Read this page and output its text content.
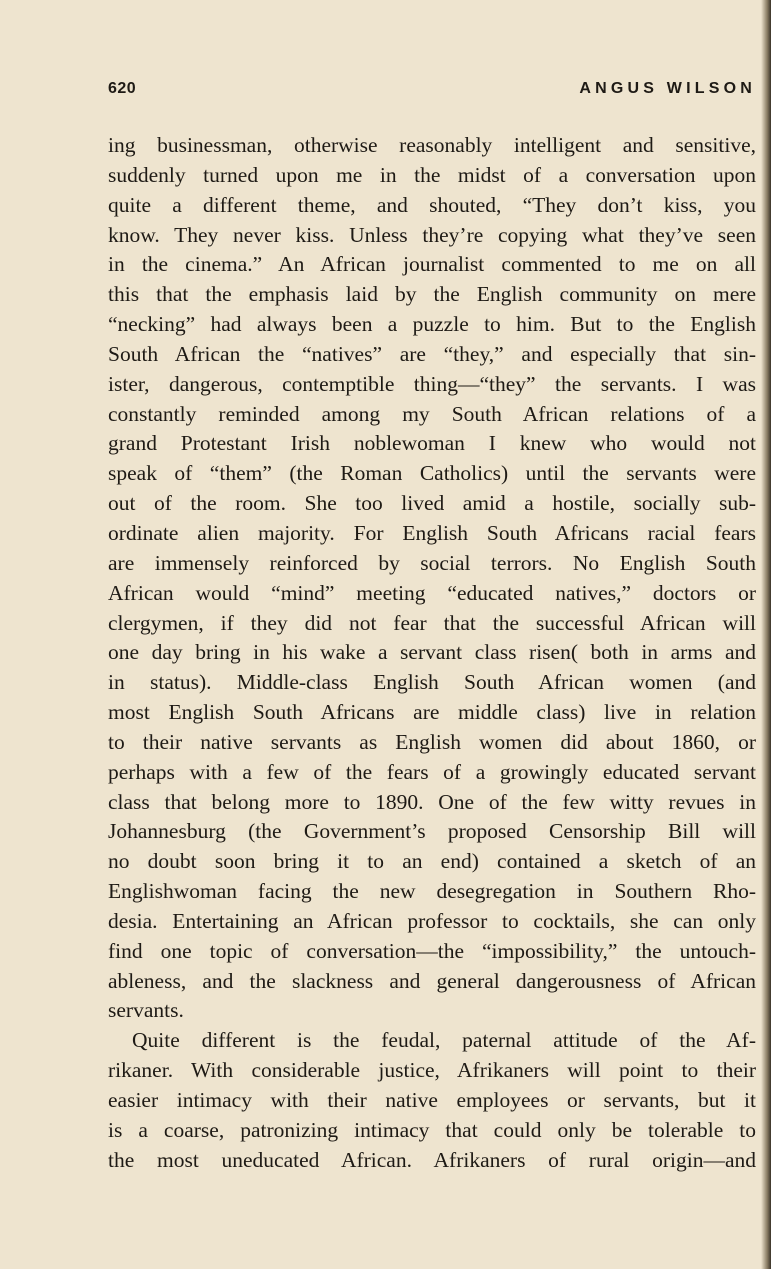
620	ANGUS WILSON
ing businessman, otherwise reasonably intelligent and sensitive,
suddenly turned upon me in the midst of a conversation upon
quite a different theme, and shouted, “They don’t kiss, you
know. They never kiss. Unless they’re copying what they’ve seen
in the cinema.” An African journalist commented to me on all
this that the emphasis laid by the English community on mere
“necking” had always been a puzzle to him. But to the English
South African the “natives” are “they,” and especially that sin-
ister, dangerous, contemptible thing—“they” the servants. I was
constantly reminded among my South African relations of a
grand Protestant Irish noblewoman I knew who would not
speak of “them” (the Roman Catholics) until the servants were
out of the room. She too lived amid a hostile, socially sub-
ordinate alien majority. For English South Africans racial fears
are immensely reinforced by social terrors. No English South
African would “mind” meeting “educated natives,” doctors or
clergymen, if they did not fear that the successful African will
one day bring in his wake a servant class risen( both in arms and
in status). Middle-class English South African women (and
most English South Africans are middle class) live in relation
to their native servants as English women did about 1860, or
perhaps with a few of the fears of a growingly educated servant
class that belong more to 1890. One of the few witty revues in
Johannesburg (the Government’s proposed Censorship Bill will
no doubt soon bring it to an end) contained a sketch of an
Englishwoman facing the new desegregation in Southern Rho-
desia. Entertaining an African professor to cocktails, she can only
find one topic of conversation—the “impossibility,” the untouch-
ableness, and the slackness and general dangerousness of African
servants.
Quite different is the feudal, paternal attitude of the Af-
rikaner. With considerable justice, Afrikaners will point to their
easier intimacy with their native employees or servants, but it
is a coarse, patronizing intimacy that could only be tolerable to
the most uneducated African. Afrikaners of rural origin—and
